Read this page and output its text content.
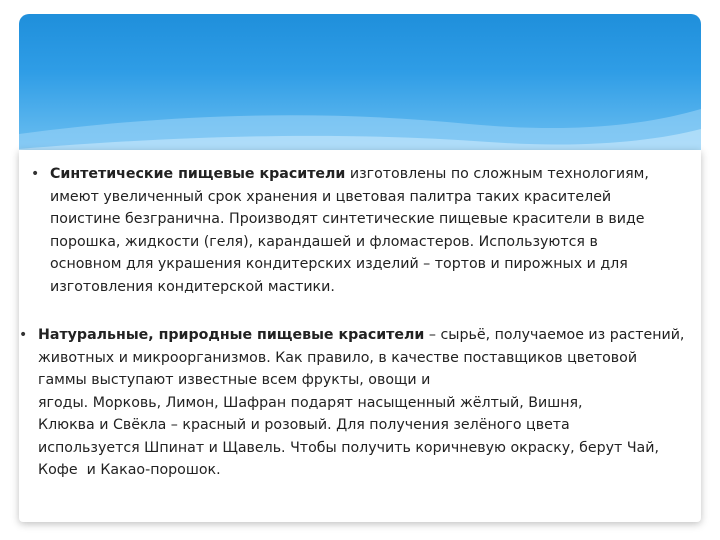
• Синтетические пищевые красители изготовлены по сложным технологиям,
имеют увеличенный срок хранения и цветовая палитра таких красителей
поистине безгранична. Производят синтетические пищевые красители в виде
порошка, жидкости (геля), карандашей и фломастеров. Используются в
основном для украшения кондитерских изделий – тортов и пирожных и для
изготовления кондитерской мастики.
• Натуральные, природные пищевые красители – сырьё, получаемое из растений,
животных и микроорганизмов. Как правило, в качестве поставщиков цветовой
гаммы выступают известные всем фрукты, овощи и
ягоды. Морковь, Лимон, Шафран подарят насыщенный жёлтый, Вишня,
Клюква и Свёкла – красный и розовый. Для получения зелёного цвета
используется Шпинат и Щавель. Чтобы получить коричневую окраску, берут Чай,
Кофе  и Какао-порошок.
